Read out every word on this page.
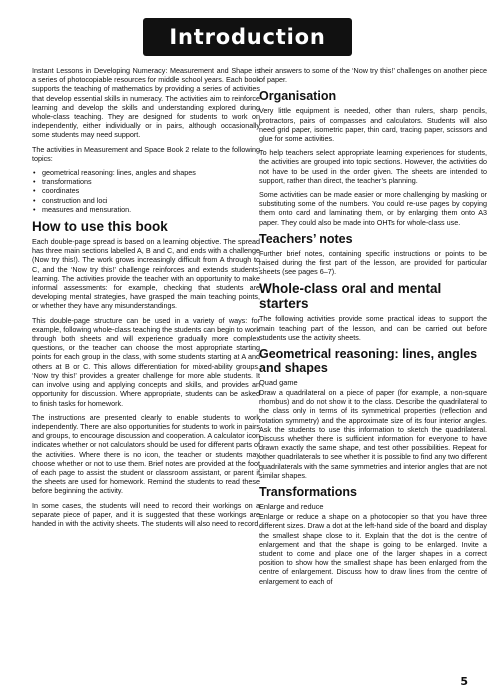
Introduction

Instant Lessons in Developing Numeracy: Measurement and Shape is a series of photocopiable resources for middle school years. Each book supports the teaching of mathematics by providing a series of activities that develop essential skills in numeracy. The activities aim to reinforce learning and develop the skills and understanding explored during whole-class teaching. They are designed for students to work on independently, either individually or in pairs, although occasionally some students may need support.

The activities in Measurement and Space Book 2 relate to the following topics:

• geometrical reasoning: lines, angles and shapes
• transformations
• coordinates
• construction and loci
• measures and mensuration.
How to use this book

Each double-page spread is based on a learning objective. The spread has three main sections labelled A, B and C, and ends with a challenge (Now try this!). The work grows increasingly difficult from A through to C, and the ‘Now try this!’ challenge reinforces and extends students’ learning. The activities provide the teacher with an opportunity to make informal assessments: for example, checking that students are developing mental strategies, have grasped the main teaching points, or whether they have any misunderstandings.

This double-page structure can be used in a variety of ways: for example, following whole-class teaching the students can begin to work through both sheets and will experience gradually more complex questions, or the teacher can choose the most appropriate starting points for each group in the class, with some students starting at A and others at B or C. This allows differentiation for mixed-ability groups. ‘Now try this!’ provides a greater challenge for more able students. It can involve using and applying concepts and skills, and provides an opportunity for discussion. Where appropriate, students can be asked to finish tasks for homework.

The instructions are presented clearly to enable students to work independently. There are also opportunities for students to work in pairs and groups, to encourage discussion and cooperation. A calculator icon indicates whether or not calculators should be used for different parts of the activities. Where there is no icon, the teacher or students may choose whether or not to use them. Brief notes are provided at the foot of each page to assist the student or classroom assistant, or parent if the sheets are used for homework. Remind the students to read these before beginning the activity.

In some cases, the students will need to record their workings on a separate piece of paper, and it is suggested that these workings are handed in with the activity sheets. The students will also need to record

their answers to some of the ‘Now try this!’ challenges on another piece of paper.

Organisation

Very little equipment is needed, other than rulers, sharp pencils, protractors, pairs of compasses and calculators. Students will also need grid paper, isometric paper, thin card, tracing paper, scissors and glue for some activities.

To help teachers select appropriate learning experiences for students, the activities are grouped into topic sections. However, the activities do not have to be used in the order given. The sheets are intended to support, rather than direct, the teacher’s planning.

Some activities can be made easier or more challenging by masking or substituting some of the numbers. You could re-use pages by copying them onto card and laminating them, or by enlarging them onto A3 paper. They could also be made into OHTs for whole-class use.

Teachers’ notes

Further brief notes, containing specific instructions or points to be raised during the first part of the lesson, are provided for particular sheets (see pages 6–7).

Whole-class oral and mental starters

The following activities provide some practical ideas to support the main teaching part of the lesson, and can be carried out before students use the activity sheets.

Geometrical reasoning: lines, angles and shapes
Quad game

Draw a quadrilateral on a piece of paper (for example, a non-square rhombus) and do not show it to the class. Describe the quadrilateral to the class only in terms of its symmetrical properties (reflection and rotation symmetry) and the approximate size of its four interior angles. Ask the students to use this information to sketch the quadrilateral. Discuss whether there is sufficient information for everyone to have drawn exactly the same shape, and test other possibilities. Repeat for other quadrilaterals to see whether it is possible to find any two different quadrilaterals with the same symmetries and interior angles that are not similar shapes.

Transformations
Enlarge and reduce

Enlarge or reduce a shape on a photocopier so that you have three different sizes. Draw a dot at the left-hand side of the board and display the smallest shape close to it. Explain that the dot is the centre of enlargement and that the shape is going to be enlarged. Invite a student to come and place one of the larger shapes in a correct position to show how the smallest shape has been enlarged from the centre of enlargement. Discuss how to draw lines from the centre of enlargement to each of

5
